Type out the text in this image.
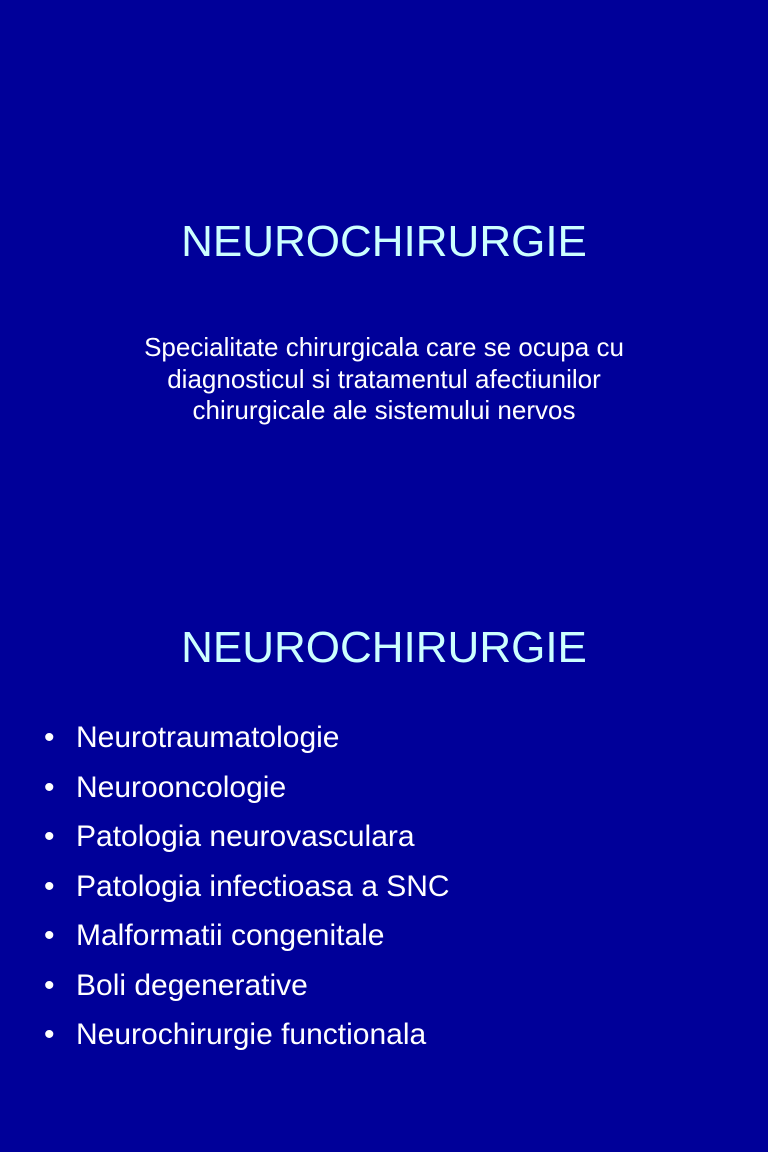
NEUROCHIRURGIE

Specialitate chirurgicala care se ocupa cu diagnosticul si tratamentul afectiunilor chirurgicale ale sistemului nervos

NEUROCHIRURGIE
• Neurotraumatologie
• Neurooncologie
• Patologia neurovasculara
• Patologia infectioasa a SNC
• Malformatii congenitale
• Boli degenerative
• Neurochirurgie functionala
